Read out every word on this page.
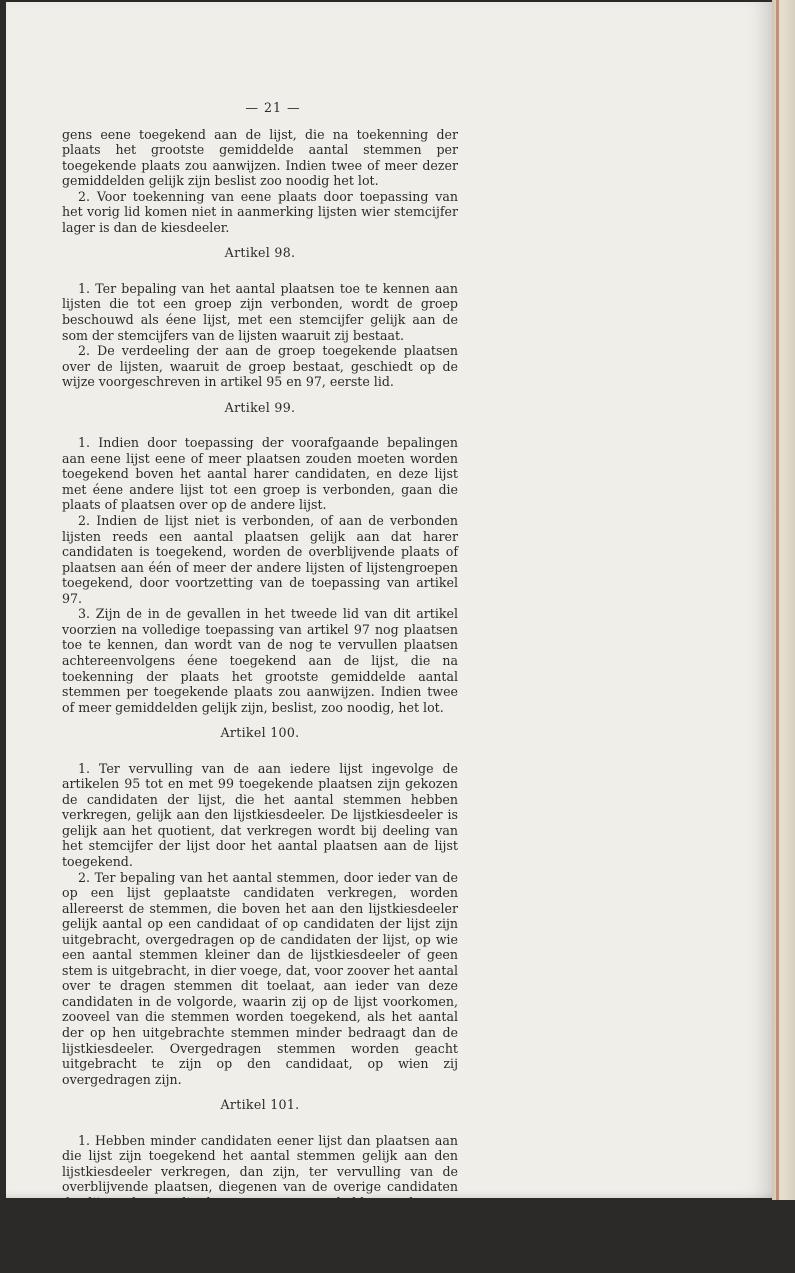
— 21 —

gens eene toegekend aan de lijst, die na toekenning der plaats het grootste gemiddelde aantal stemmen per toegekende plaats zou aanwijzen. Indien twee of meer dezer gemiddelden gelijk zijn beslist zoo noodig het lot.

2. Voor toekenning van eene plaats door toepassing van het vorig lid komen niet in aanmerking lijsten wier stemcijfer lager is dan de kiesdeeler.

Artikel 98.

1. Ter bepaling van het aantal plaatsen toe te kennen aan lijsten die tot een groep zijn verbonden, wordt de groep beschouwd als éene lijst, met een stemcijfer gelijk aan de som der stemcijfers van de lijsten waaruit zij bestaat.

2. De verdeeling der aan de groep toegekende plaatsen over de lijsten, waaruit de groep bestaat, geschiedt op de wijze voorgeschreven in artikel 95 en 97, eerste lid.

Artikel 99.

1. Indien door toepassing der voorafgaande bepalingen aan eene lijst eene of meer plaatsen zouden moeten worden toegekend boven het aantal harer candidaten, en deze lijst met éene andere lijst tot een groep is verbonden, gaan die plaats of plaatsen over op de andere lijst.

2. Indien de lijst niet is verbonden, of aan de verbonden lijsten reeds een aantal plaatsen gelijk aan dat harer candidaten is toegekend, worden de overblijvende plaats of plaatsen aan één of meer der andere lijsten of lijstengroepen toegekend, door voortzetting van de toepassing van artikel 97.

3. Zijn de in de gevallen in het tweede lid van dit artikel voorzien na volledige toepassing van artikel 97 nog plaatsen toe te kennen, dan wordt van de nog te vervullen plaatsen achtereenvolgens éene toegekend aan de lijst, die na toekenning der plaats het grootste gemiddelde aantal stemmen per toegekende plaats zou aanwijzen. Indien twee of meer gemiddelden gelijk zijn, beslist, zoo noodig, het lot.

Artikel 100.

1. Ter vervulling van de aan iedere lijst ingevolge de artikelen 95 tot en met 99 toegekende plaatsen zijn gekozen de candidaten der lijst, die het aantal stemmen hebben verkregen, gelijk aan den lijstkiesdeeler. De lijstkiesdeeler is gelijk aan het quotient, dat verkregen wordt bij deeling van het stemcijfer der lijst door het aantal plaatsen aan de lijst toegekend.

2. Ter bepaling van het aantal stemmen, door ieder van de op een lijst geplaatste candidaten verkregen, worden allereerst de stemmen, die boven het aan den lijstkiesdeeler gelijk aantal op een candidaat of op candidaten der lijst zijn uitgebracht, overgedragen op de candidaten der lijst, op wie een aantal stemmen kleiner dan de lijstkiesdeeler of geen stem is uitgebracht, in dier voege, dat, voor zoover het aantal over te dragen stemmen dit toelaat, aan ieder van deze candidaten in de volgorde, waarin zij op de lijst voorkomen, zooveel van die stemmen worden toegekend, als het aantal der op hen uitgebrachte stemmen minder bedraagt dan de lijstkiesdeeler. Overgedragen stemmen worden geacht uitgebracht te zijn op den candidaat, op wien zij overgedragen zijn.

Artikel 101.

1. Hebben minder candidaten eener lijst dan plaatsen aan die lijst zijn toegekend het aantal stemmen gelijk aan den lijstkiesdeeler verkregen, dan zijn, ter vervulling van de overblijvende plaatsen, diegenen van de overige candidaten der lijst gekozen, die de meeste stemmen hebben verkregen, voorzooverdie candidaten een aantal stemmen hebben verkregen grooter dan de helft van den lijstkiesdeeler. Hebben minder candidaten dan aldus plaatsen zijn te vervullen een aantal stemmen verkre-
